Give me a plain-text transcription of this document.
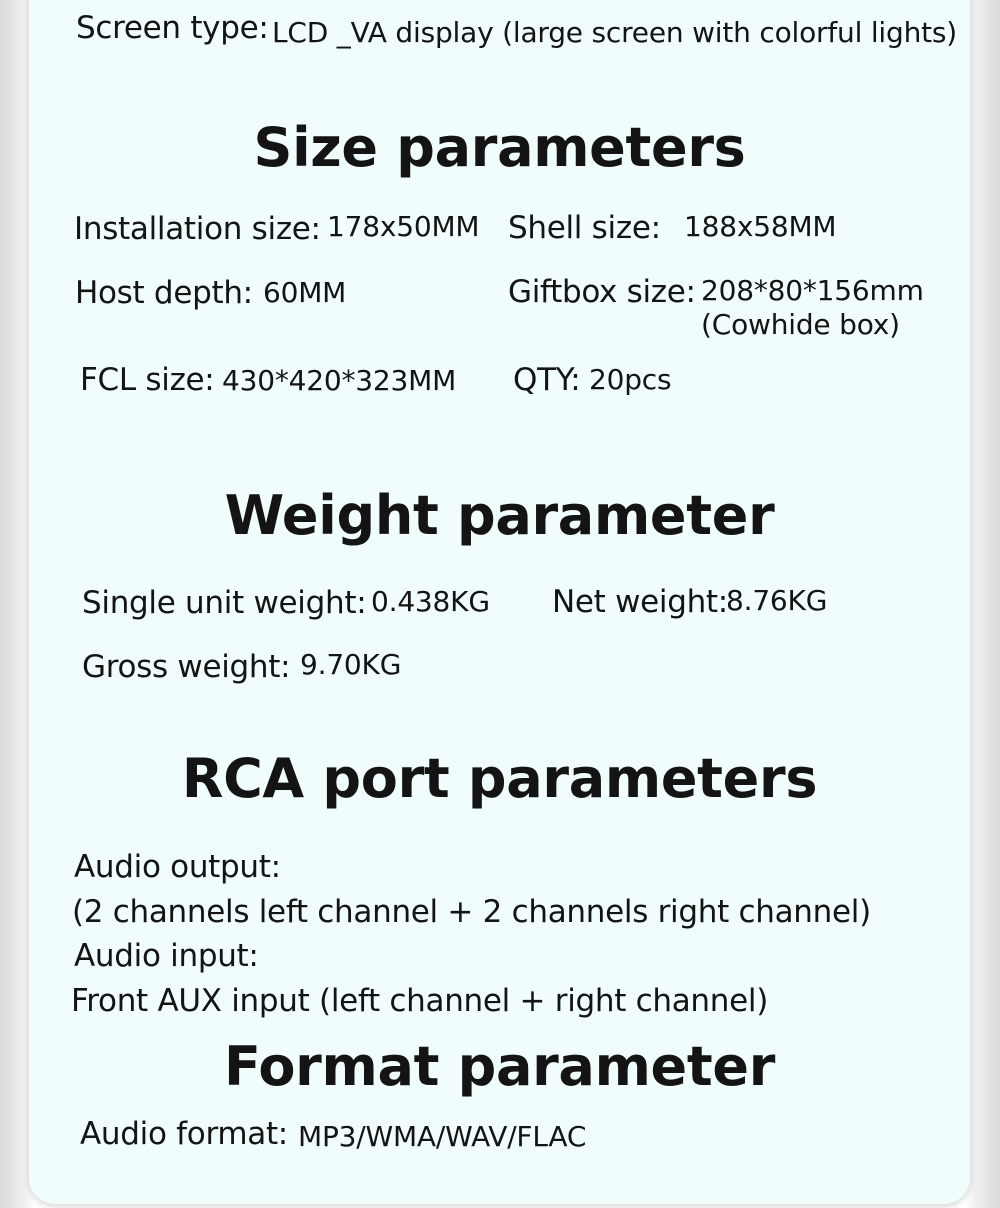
Screen type: LCD _VA display (large screen with colorful lights)
Size parameters
Installation size: 178x50MM Shell size: 188x58MM
Host depth: 60MM	Giftbox size: 208*80*156mm
(Cowhide box)
FCL size: 430*420*323MM QTY: 20pcs
Weight parameter
Single unit weight: 0.438KG Net weight:
8.76KG
Gross weight: 9.70KG
RCA port parameters
Audio output:
(2 channels left channel + 2 channels right channel)
Audio input:
Front AUX input (left channel + right channel)
Format parameter
Audio format: MP3/WMA/WAV/FLAC
